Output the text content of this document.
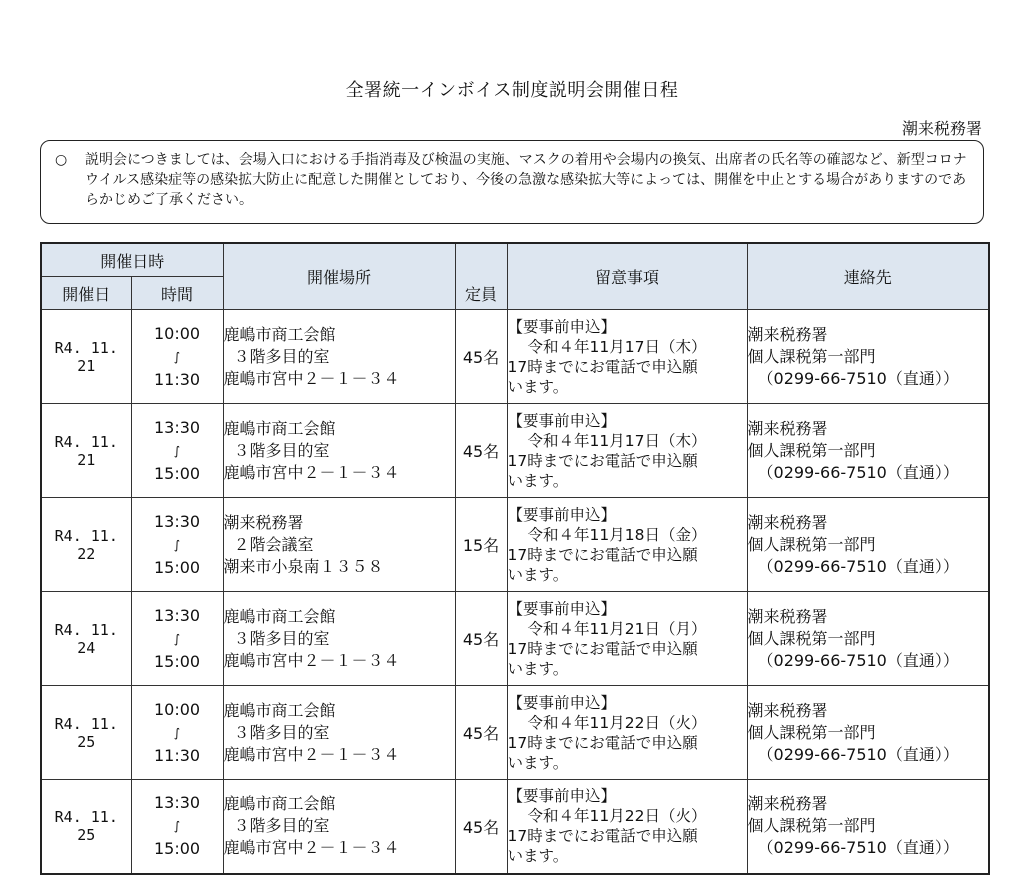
全署統一インボイス制度説明会開催日程
潮来税務署
○ 説明会につきましては、会場入口における手指消毒及び検温の実施、マスクの着用や会場内の換気、出席者の氏名等の確認など、新型コロナウイルス感染症等の感染拡大防止に配意した開催としており、今後の急激な感染拡大等によっては、開催を中止とする場合がありますのであらかじめご了承ください。
開催日時		開催場所	定員	留意事項	連絡先
開催日	時間				
R4. 11. 21	10:00
∫
11:30	鹿嶋市商工会館
３階多目的室
鹿嶋市宮中２－１－３４	45名	【要事前申込】
令和４年11月17日（木）
17時までにお電話で申込願
います。	潮来税務署
個人課税第一部門
（0299-66-7510（直通））

R4. 11. 21	13:30
∫
15:00	鹿嶋市商工会館
３階多目的室
鹿嶋市宮中２－１－３４	45名	【要事前申込】
令和４年11月17日（木）
17時までにお電話で申込願
います。	潮来税務署
個人課税第一部門
（0299-66-7510（直通））

R4. 11. 22	13:30
∫
15:00	潮来税務署
２階会議室
潮来市小泉南１３５８	15名	【要事前申込】
令和４年11月18日（金）
17時までにお電話で申込願
います。	潮来税務署
個人課税第一部門
（0299-66-7510（直通））

R4. 11. 24	13:30
∫
15:00	鹿嶋市商工会館
３階多目的室
鹿嶋市宮中２－１－３４	45名	【要事前申込】
令和４年11月21日（月）
17時までにお電話で申込願
います。	潮来税務署
個人課税第一部門
（0299-66-7510（直通））

R4. 11. 25	10:00
∫
11:30	鹿嶋市商工会館
３階多目的室
鹿嶋市宮中２－１－３４	45名	【要事前申込】
令和４年11月22日（火）
17時までにお電話で申込願
います。	潮来税務署
個人課税第一部門
（0299-66-7510（直通））

R4. 11. 25	13:30
∫
15:00	鹿嶋市商工会館
３階多目的室
鹿嶋市宮中２－１－３４	45名	【要事前申込】
令和４年11月22日（火）
17時までにお電話で申込願
います。	潮来税務署
個人課税第一部門
（0299-66-7510（直通））
